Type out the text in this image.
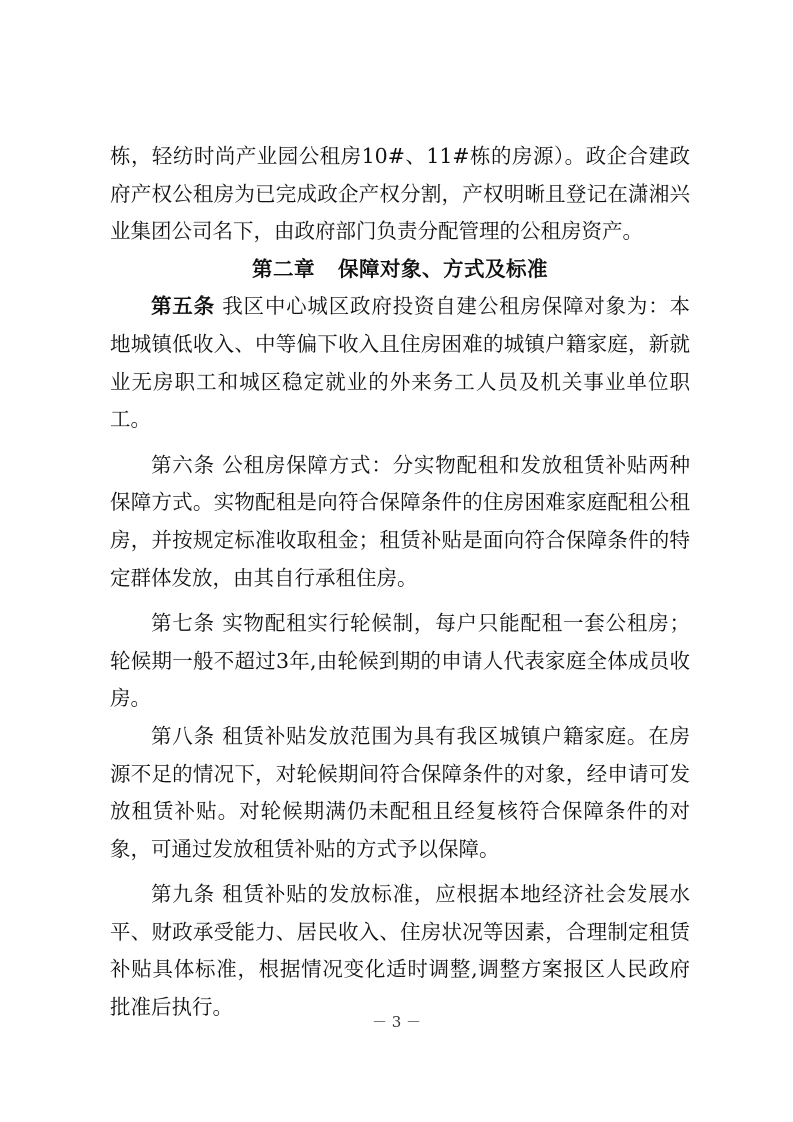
栋，轻纺时尚产业园公租房10#、11#栋的房源）。政企合建政府产权公租房为已完成政企产权分割，产权明晰且登记在潇湘兴业集团公司名下，由政府部门负责分配管理的公租房资产。

第二章   保障对象、方式及标准

第五条 我区中心城区政府投资自建公租房保障对象为：本地城镇低收入、中等偏下收入且住房困难的城镇户籍家庭，新就业无房职工和城区稳定就业的外来务工人员及机关事业单位职工。

第六条 公租房保障方式：分实物配租和发放租赁补贴两种保障方式。实物配租是向符合保障条件的住房困难家庭配租公租房，并按规定标准收取租金；租赁补贴是面向符合保障条件的特定群体发放，由其自行承租住房。

第七条 实物配租实行轮候制，每户只能配租一套公租房；轮候期一般不超过3年,由轮候到期的申请人代表家庭全体成员收房。

第八条 租赁补贴发放范围为具有我区城镇户籍家庭。在房源不足的情况下，对轮候期间符合保障条件的对象，经申请可发放租赁补贴。对轮候期满仍未配租且经复核符合保障条件的对象，可通过发放租赁补贴的方式予以保障。

第九条 租赁补贴的发放标准，应根据本地经济社会发展水平、财政承受能力、居民收入、住房状况等因素，合理制定租赁补贴具体标准，根据情况变化适时调整,调整方案报区人民政府批准后执行。

－ 3 －
